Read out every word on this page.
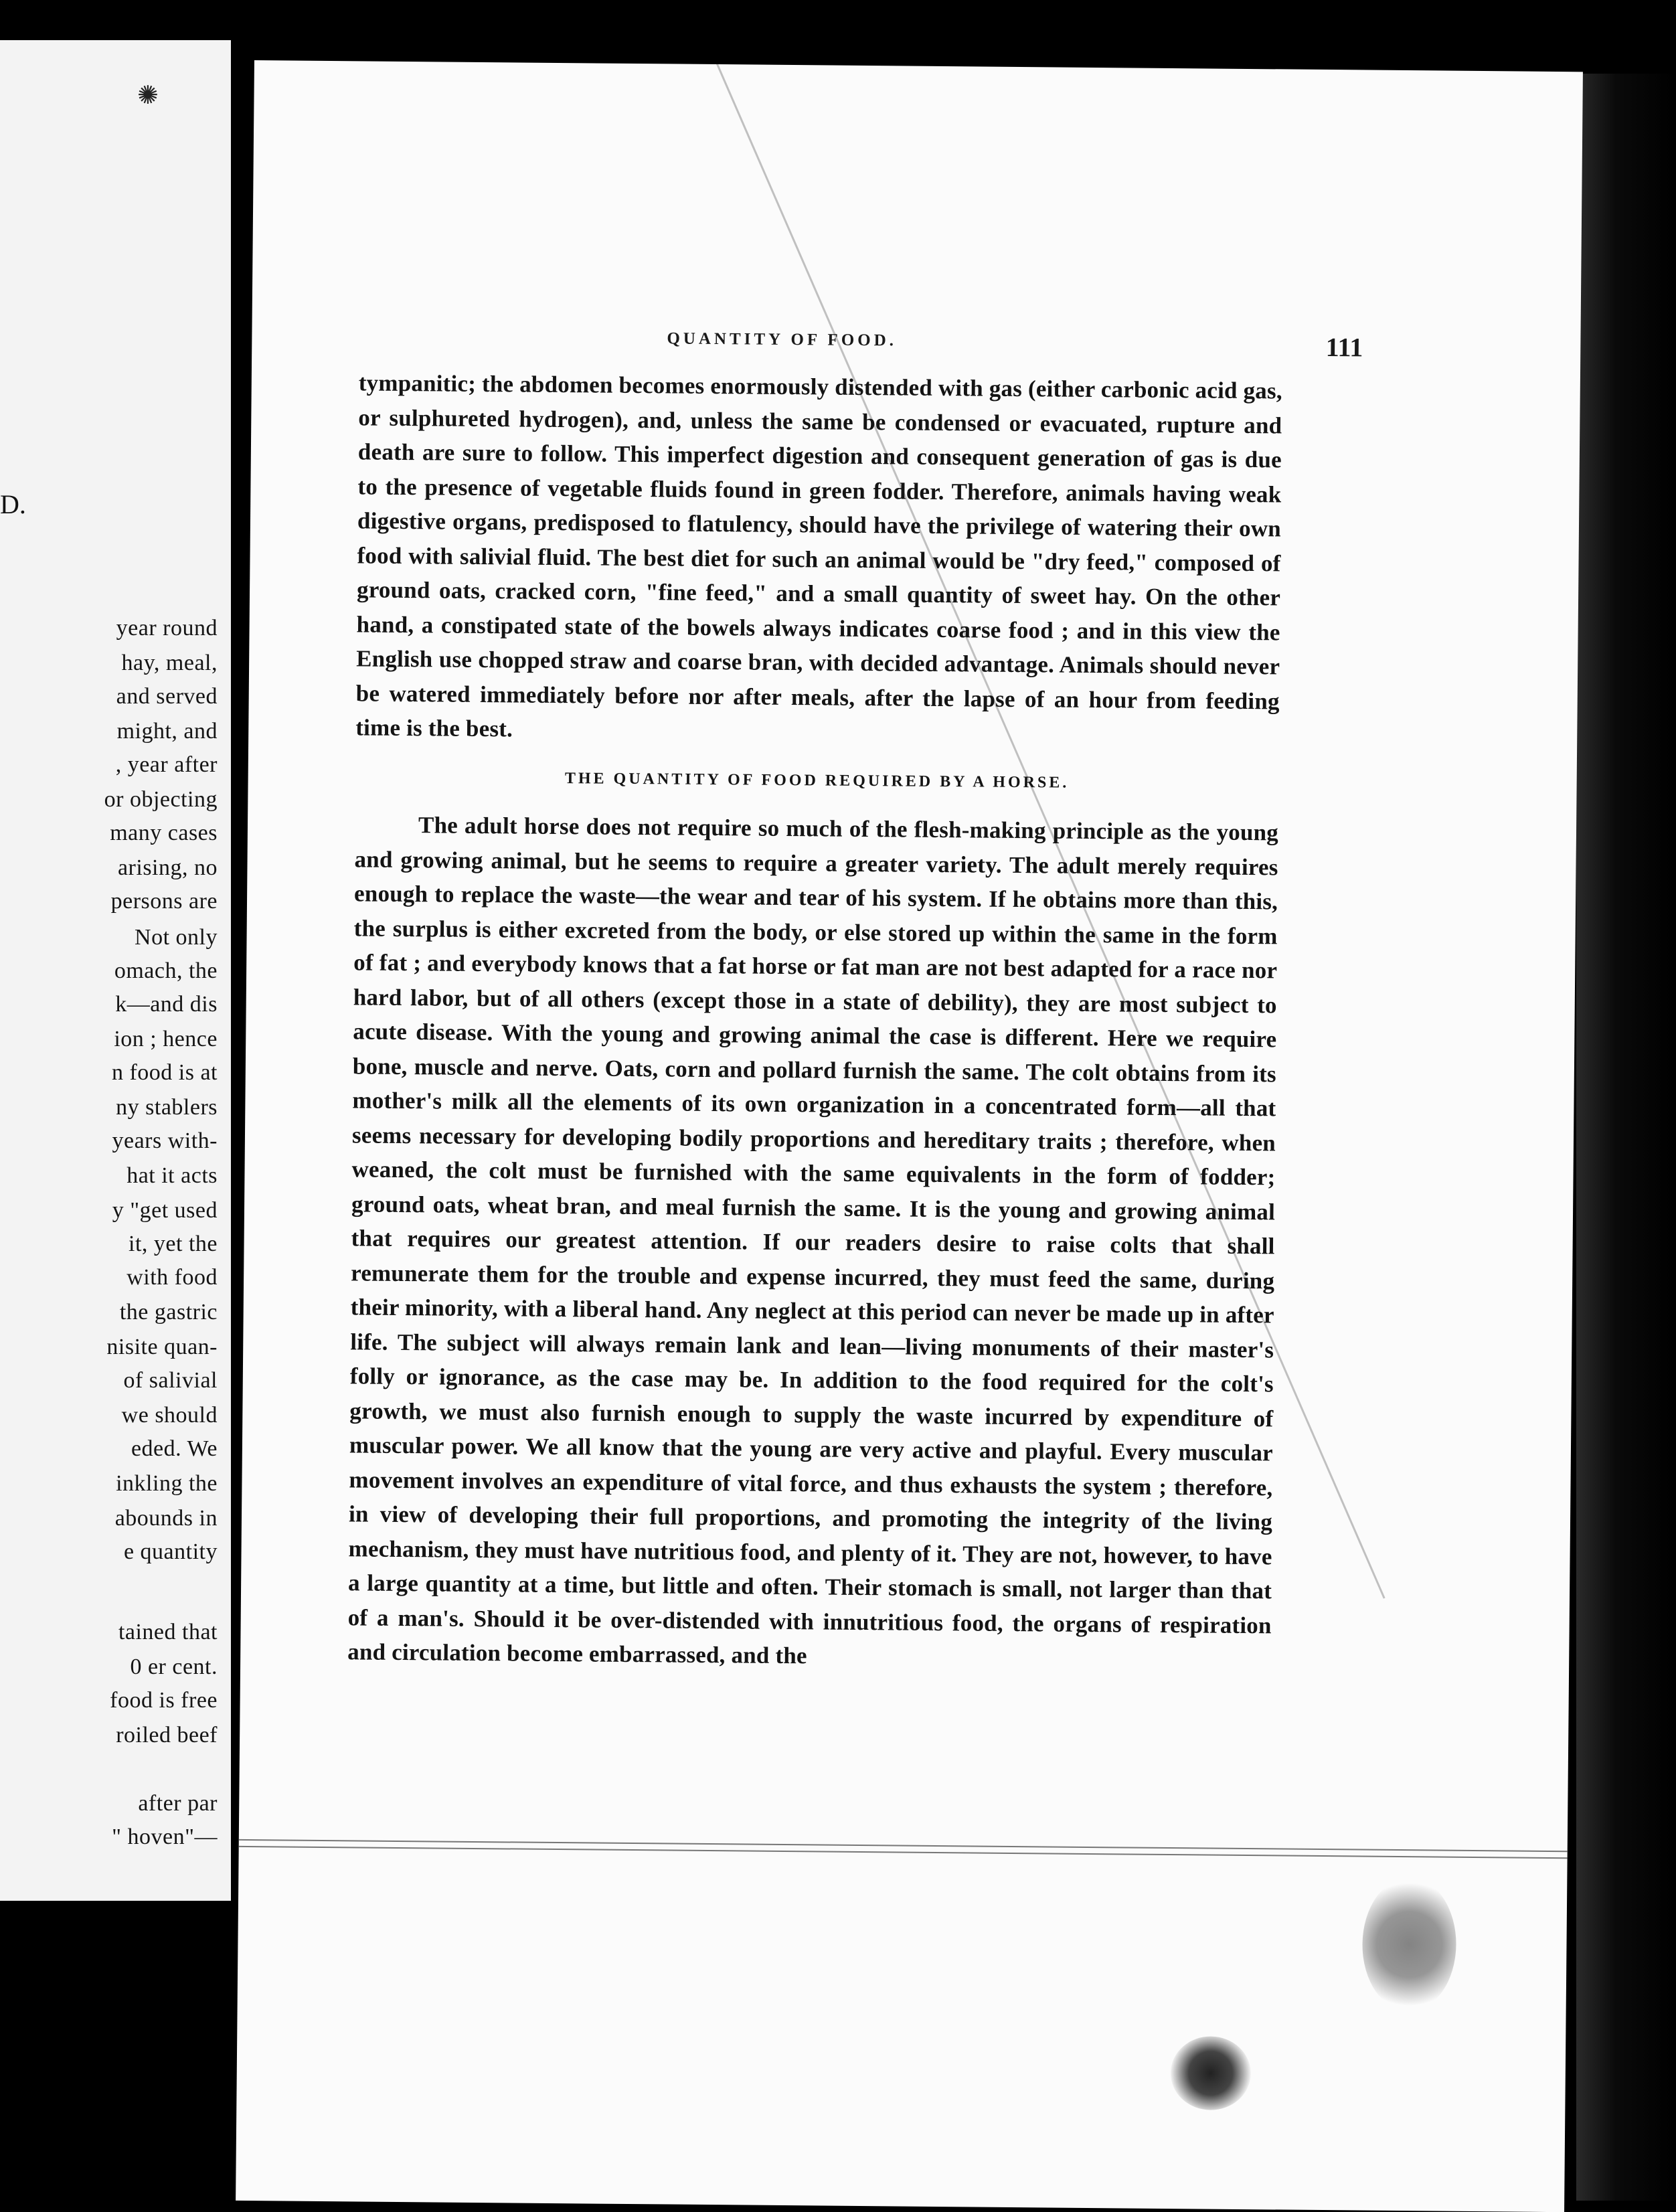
✺
D.
year round
hay, meal,
and served
might, and
, year after
or objecting
many cases
arising, no
persons are
Not only
omach, the
k—and dis
ion ; hence
n food is at
ny stablers
years with-
hat it acts
y "get used
it, yet the
with food
the gastric
nisite quan-
of salivial
we should
eded. We
inkling the
abounds in
e quantity
tained that
0 er cent.
food is free
roiled beef
after par
" hoven"—
QUANTITY OF FOOD.	111

tympanitic; the abdomen becomes enormously distended with gas (either carbonic acid gas, or sulphureted hydrogen), and, unless the same be condensed or evacuated, rupture and death are sure to follow. This imperfect digestion and consequent generation of gas is due to the presence of vegetable fluids found in green fodder. Therefore, animals having weak digestive organs, predisposed to flatulency, should have the privilege of watering their own food with salivial fluid. The best diet for such an animal would be "dry feed," composed of ground oats, cracked corn, "fine feed," and a small quantity of sweet hay. On the other hand, a constipated state of the bowels always indicates coarse food ; and in this view the English use chopped straw and coarse bran, with decided advantage. Animals should never be watered immediately before nor after meals, after the lapse of an hour from feeding time is the best.

THE QUANTITY OF FOOD REQUIRED BY A HORSE.

The adult horse does not require so much of the flesh-making principle as the young and growing animal, but he seems to require a greater variety. The adult merely requires enough to replace the waste—the wear and tear of his system. If he obtains more than this, the surplus is either excreted from the body, or else stored up within the same in the form of fat ; and everybody knows that a fat horse or fat man are not best adapted for a race nor hard labor, but of all others (except those in a state of debility), they are most subject to acute disease. With the young and growing animal the case is different. Here we require bone, muscle and nerve. Oats, corn and pollard furnish the same. The colt obtains from its mother's milk all the elements of its own organization in a concentrated form—all that seems necessary for developing bodily proportions and hereditary traits ; therefore, when weaned, the colt must be furnished with the same equivalents in the form of fodder; ground oats, wheat bran, and meal furnish the same. It is the young and growing animal that requires our greatest attention. If our readers desire to raise colts that shall remunerate them for the trouble and expense incurred, they must feed the same, during their minority, with a liberal hand. Any neglect at this period can never be made up in after life. The subject will always remain lank and lean—living monuments of their master's folly or ignorance, as the case may be. In addition to the food required for the colt's growth, we must also furnish enough to supply the waste incurred by expenditure of muscular power. We all know that the young are very active and playful. Every muscular movement involves an expenditure of vital force, and thus exhausts the system ; therefore, in view of developing their full proportions, and promoting the integrity of the living mechanism, they must have nutritious food, and plenty of it. They are not, however, to have a large quantity at a time, but little and often. Their stomach is small, not larger than that of a man's. Should it be over-distended with innutritious food, the organs of respiration and circulation become embarrassed, and the
